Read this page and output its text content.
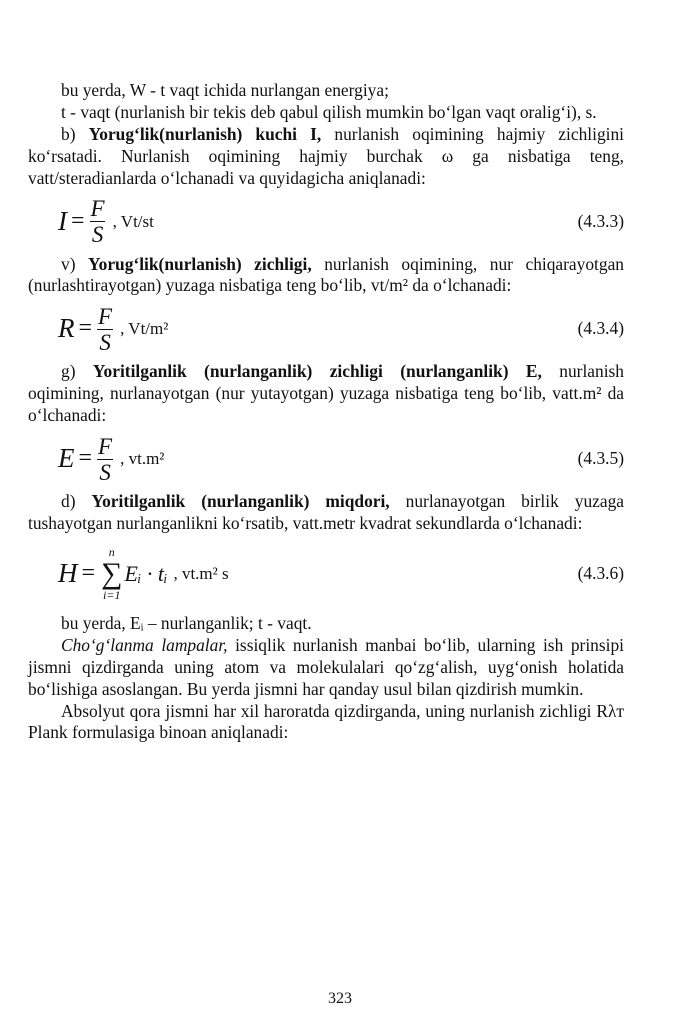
bu yerda, W - t vaqt ichida nurlangan energiya;

t - vaqt (nurlanish bir tekis deb qabul qilish mumkin bo‘lgan vaqt oralig‘i), s.

b) Yorug‘lik(nurlanish) kuchi I, nurlanish oqimining hajmiy zichligini ko‘rsatadi. Nurlanish oqimining hajmiy burchak ω ga nisbatiga teng, vatt/steradianlarda o‘lchanadi va quyidagicha aniqlanadi:

$I = \frac{F}{S}$ , Vt/st	(4.3.3)

v) Yorug‘lik(nurlanish) zichligi, nurlanish oqimining, nur chiqarayotgan (nurlashtirayotgan) yuzaga nisbatiga teng bo‘lib, vt/m² da o‘lchanadi:

$R = \frac{F}{S}$ , Vt/m²	(4.3.4)

g) Yoritilganlik (nurlanganlik) zichligi (nurlanganlik) E, nurlanish oqimining, nurlanayotgan (nur yutayotgan) yuzaga nisbatiga teng bo‘lib, vatt.m² da o‘lchanadi:

$E = \frac{F}{S}$ , vt.m²	(4.3.5)

d) Yoritilganlik (nurlanganlik) miqdori, nurlanayotgan birlik yuzaga tushayotgan nurlanganlikni ko‘rsatib, vatt.metr kvadrat sekundlarda o‘lchanadi:

H =
n
∑
i=1
Eᵢ · tᵢ , vt.m² s	(4.3.6)

bu yerda, Eᵢ – nurlanganlik; t - vaqt.

Cho‘g‘lanma lampalar, issiqlik nurlanish manbai bo‘lib, ularning ish prinsipi jismni qizdirganda uning atom va molekulalari qo‘zg‘alish, uyg‘onish holatida bo‘lishiga asoslangan. Bu yerda jismni har qanday usul bilan qizdirish mumkin.

Absolyut qora jismni har xil haroratda qizdirganda, uning nurlanish zichligi Rλт Plank formulasiga binoan aniqlanadi:

323
